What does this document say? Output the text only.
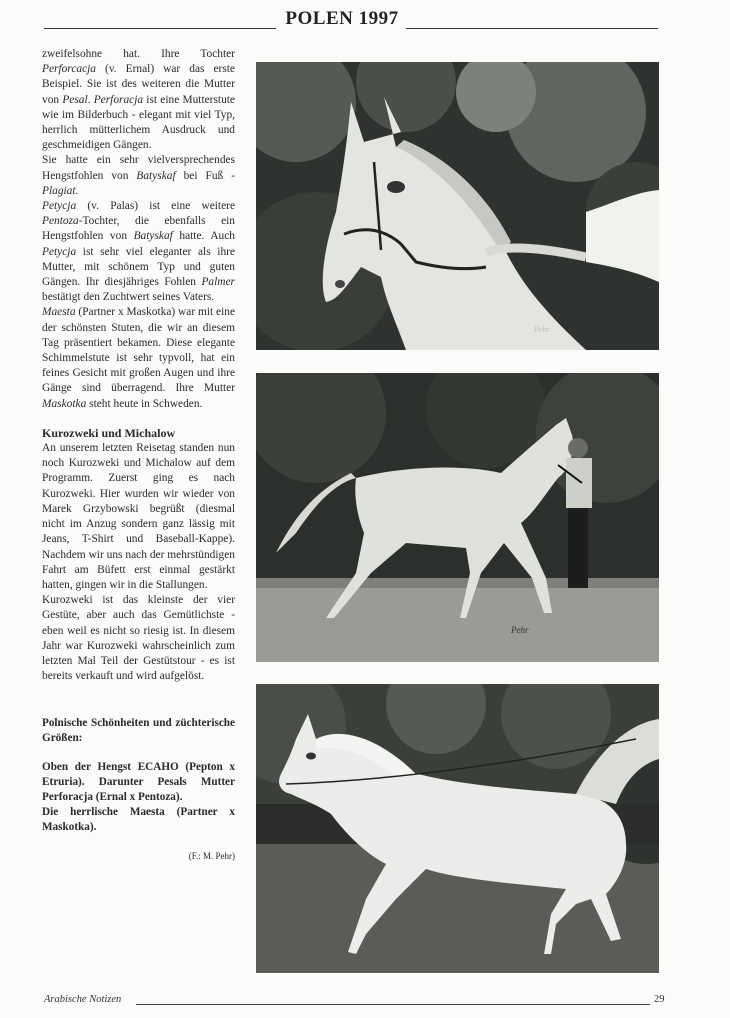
POLEN 1997

zweifelsohne hat. Ihre Tochter Perforcacja (v. Ernal) war das erste Beispiel. Sie ist des weiteren die Mutter von Pesal. Perforacja ist eine Mutterstute wie im Bilderbuch - elegant mit viel Typ, herrlich mütterlichem Ausdruck und geschmeidigen Gängen.

Sie hatte ein sehr vielversprechendes Hengstfohlen von Batyskaf bei Fuß - Plagiat.

Petycja (v. Palas) ist eine weitere Pentoza-Tochter, die ebenfalls ein Hengstfohlen von Batyskaf hatte. Auch Petycja ist sehr viel eleganter als ihre Mutter, mit schönem Typ und guten Gängen. Ihr diesjähriges Fohlen Palmer bestätigt den Zuchtwert seines Vaters.

Maesta (Partner x Maskotka) war mit eine der schönsten Stuten, die wir an diesem Tag präsentiert bekamen. Diese elegante Schimmelstute ist sehr typvoll, hat ein feines Gesicht mit großen Augen und ihre Gänge sind überragend. Ihre Mutter Maskotka steht heute in Schweden.

Kurozweki und Michalow

An unserem letzten Reisetag standen nun noch Kurozweki und Michalow auf dem Programm. Zuerst ging es nach Kurozweki. Hier wurden wir wieder von Marek Grzybowski begrüßt (diesmal nicht im Anzug sondern ganz lässig mit Jeans, T-Shirt und Baseball-Kappe). Nachdem wir uns nach der mehrstündigen Fahrt am Büfett erst einmal gestärkt hatten, gingen wir in die Stallungen.

Kurozweki ist das kleinste der vier Gestüte, aber auch das Gemütlichste - eben weil es nicht so riesig ist. In diesem Jahr war Kurozweki wahrscheinlich zum letzten Mal Teil der Gestütstour - es ist bereits verkauft und wird aufgelöst.

Polnische Schönheiten und züchterische Größen:

Oben der Hengst ECAHO (Pepton x Etruria). Darunter Pesals Mutter Perforacja (Ernal x Pentoza).

Die herrlische Maesta (Partner x Maskotka).

(F.: M. Pehr)

Pehr
Pehr
Arabische Notizen	29
